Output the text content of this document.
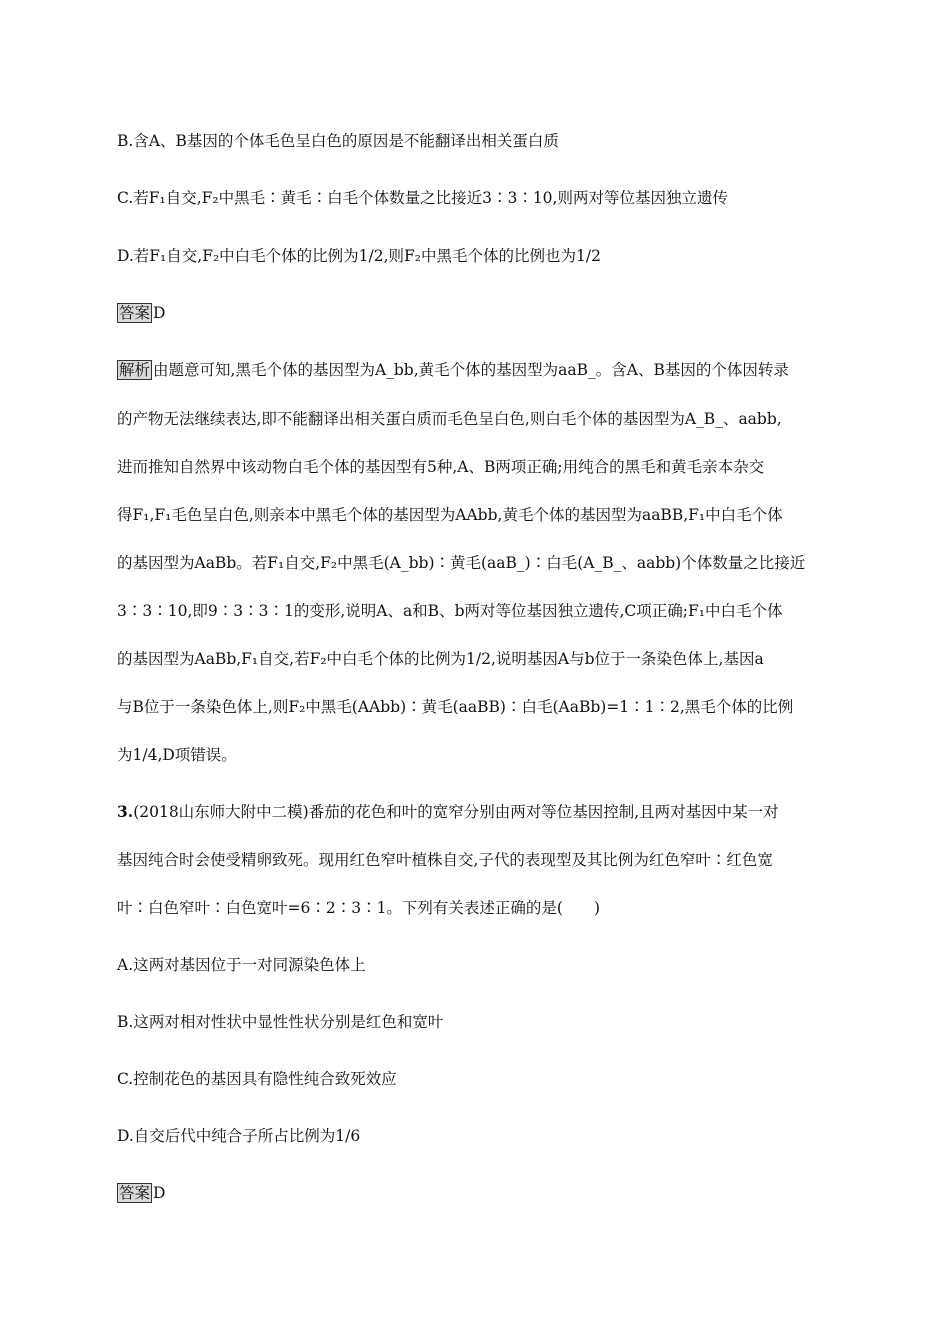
B.含A、B基因的个体毛色呈白色的原因是不能翻译出相关蛋白质
C.若F₁自交,F₂中黑毛∶黄毛∶白毛个体数量之比接近3∶3∶10,则两对等位基因独立遗传
D.若F₁自交,F₂中白毛个体的比例为1/2,则F₂中黑毛个体的比例也为1/2
答案 D
解析 由题意可知,黑毛个体的基因型为A_bb,黄毛个体的基因型为aaB_。含A、B基因的个体因转录
的产物无法继续表达,即不能翻译出相关蛋白质而毛色呈白色,则白毛个体的基因型为A_B_、aabb,
进而推知自然界中该动物白毛个体的基因型有5种,A、B两项正确;用纯合的黑毛和黄毛亲本杂交
得F₁,F₁毛色呈白色,则亲本中黑毛个体的基因型为AAbb,黄毛个体的基因型为aaBB,F₁中白毛个体
的基因型为AaBb。若F₁自交,F₂中黑毛(A_bb)∶黄毛(aaB_)∶白毛(A_B_、aabb)个体数量之比接近
3∶3∶10,即9∶3∶3∶1的变形,说明A、a和B、b两对等位基因独立遗传,C项正确;F₁中白毛个体
的基因型为AaBb,F₁自交,若F₂中白毛个体的比例为1/2,说明基因A与b位于一条染色体上,基因a
与B位于一条染色体上,则F₂中黑毛(AAbb)∶黄毛(aaBB)∶白毛(AaBb)=1∶1∶2,黑毛个体的比例
为1/4,D项错误。
3.(2018山东师大附中二模)番茄的花色和叶的宽窄分别由两对等位基因控制,且两对基因中某一对
基因纯合时会使受精卵致死。现用红色窄叶植株自交,子代的表现型及其比例为红色窄叶∶红色宽
叶∶白色窄叶∶白色宽叶=6∶2∶3∶1。下列有关表述正确的是(　　)
A.这两对基因位于一对同源染色体上
B.这两对相对性状中显性性状分别是红色和宽叶
C.控制花色的基因具有隐性纯合致死效应
D.自交后代中纯合子所占比例为1/6
答案 D
